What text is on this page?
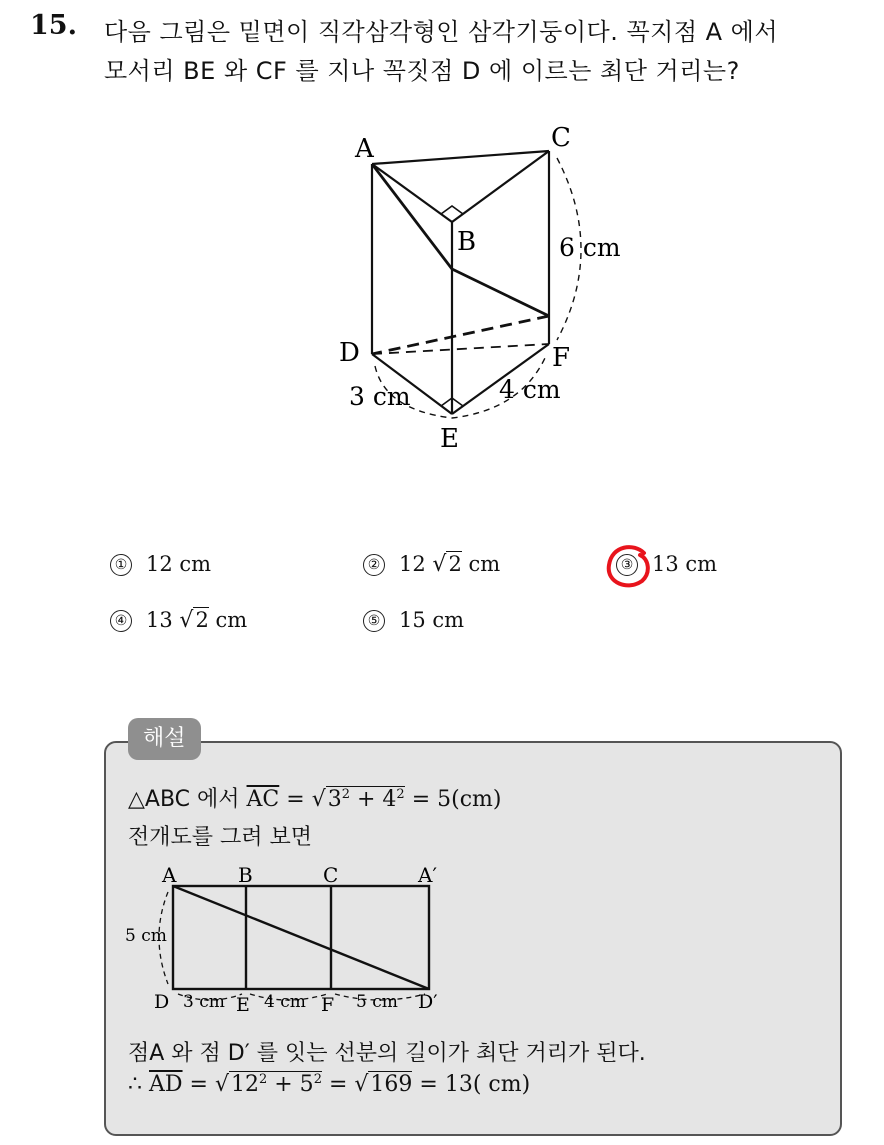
15. 다음 그림은 밑면이 직각삼각형인 삼각기둥이다. 꼭지점 A 에서
모서리 BE 와 CF 를 지나 꼭짓점 D 에 이르는 최단 거리는?
A	C
B	6 cm
D	F
3 cm	4 cm
E
① 12 cm	② 12 √2 cm	③ 13 cm
④ 13 √2 cm	⑤ 15 cm
해설
△ABC 에서 $\overline{AC} = √3^2 + 4^2 = 5(cm)$
전개도를 그려 보면
A	B	C	A′
5 cm
D 3 cm E 4 cm F 5 cm D′
점A 와 점 D′ 를 잇는 선분의 길이가 최단 거리가 된다.
∴ $\overline{AD} = √12^2 + 5^2 = √169 = 13$( cm)
